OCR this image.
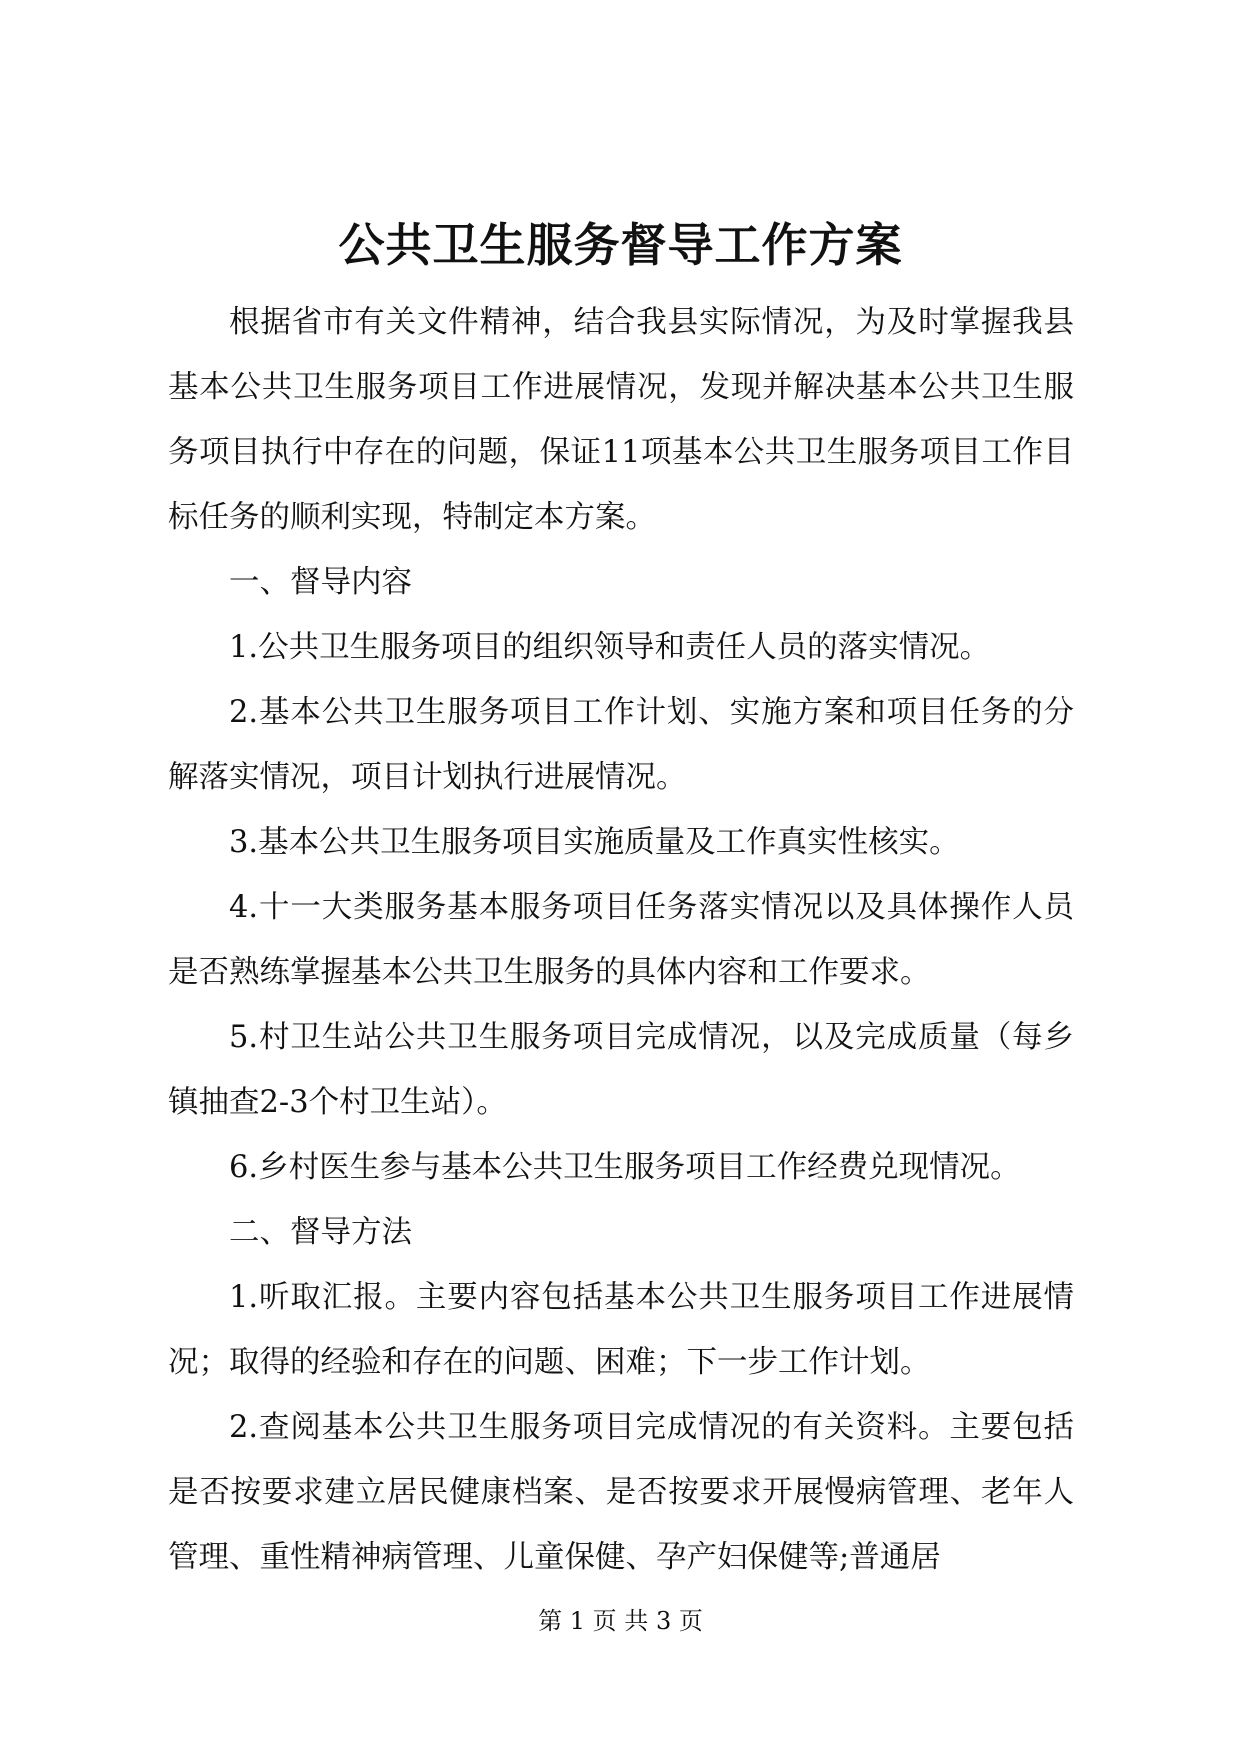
公共卫生服务督导工作方案

根据省市有关文件精神，结合我县实际情况，为及时掌握我县基本公共卫生服务项目工作进展情况，发现并解决基本公共卫生服务项目执行中存在的问题，保证11项基本公共卫生服务项目工作目标任务的顺利实现，特制定本方案。

一、督导内容

1.公共卫生服务项目的组织领导和责任人员的落实情况。

2.基本公共卫生服务项目工作计划、实施方案和项目任务的分解落实情况，项目计划执行进展情况。

3.基本公共卫生服务项目实施质量及工作真实性核实。

4.十一大类服务基本服务项目任务落实情况以及具体操作人员是否熟练掌握基本公共卫生服务的具体内容和工作要求。

5.村卫生站公共卫生服务项目完成情况，以及完成质量（每乡镇抽查2-3个村卫生站）。

6.乡村医生参与基本公共卫生服务项目工作经费兑现情况。

二、督导方法

1.听取汇报。主要内容包括基本公共卫生服务项目工作进展情况；取得的经验和存在的问题、困难；下一步工作计划。

2.查阅基本公共卫生服务项目完成情况的有关资料。主要包括是否按要求建立居民健康档案、是否按要求开展慢病管理、老年人管理、重性精神病管理、儿童保健、孕产妇保健等;普通居

第 1 页 共 3 页
